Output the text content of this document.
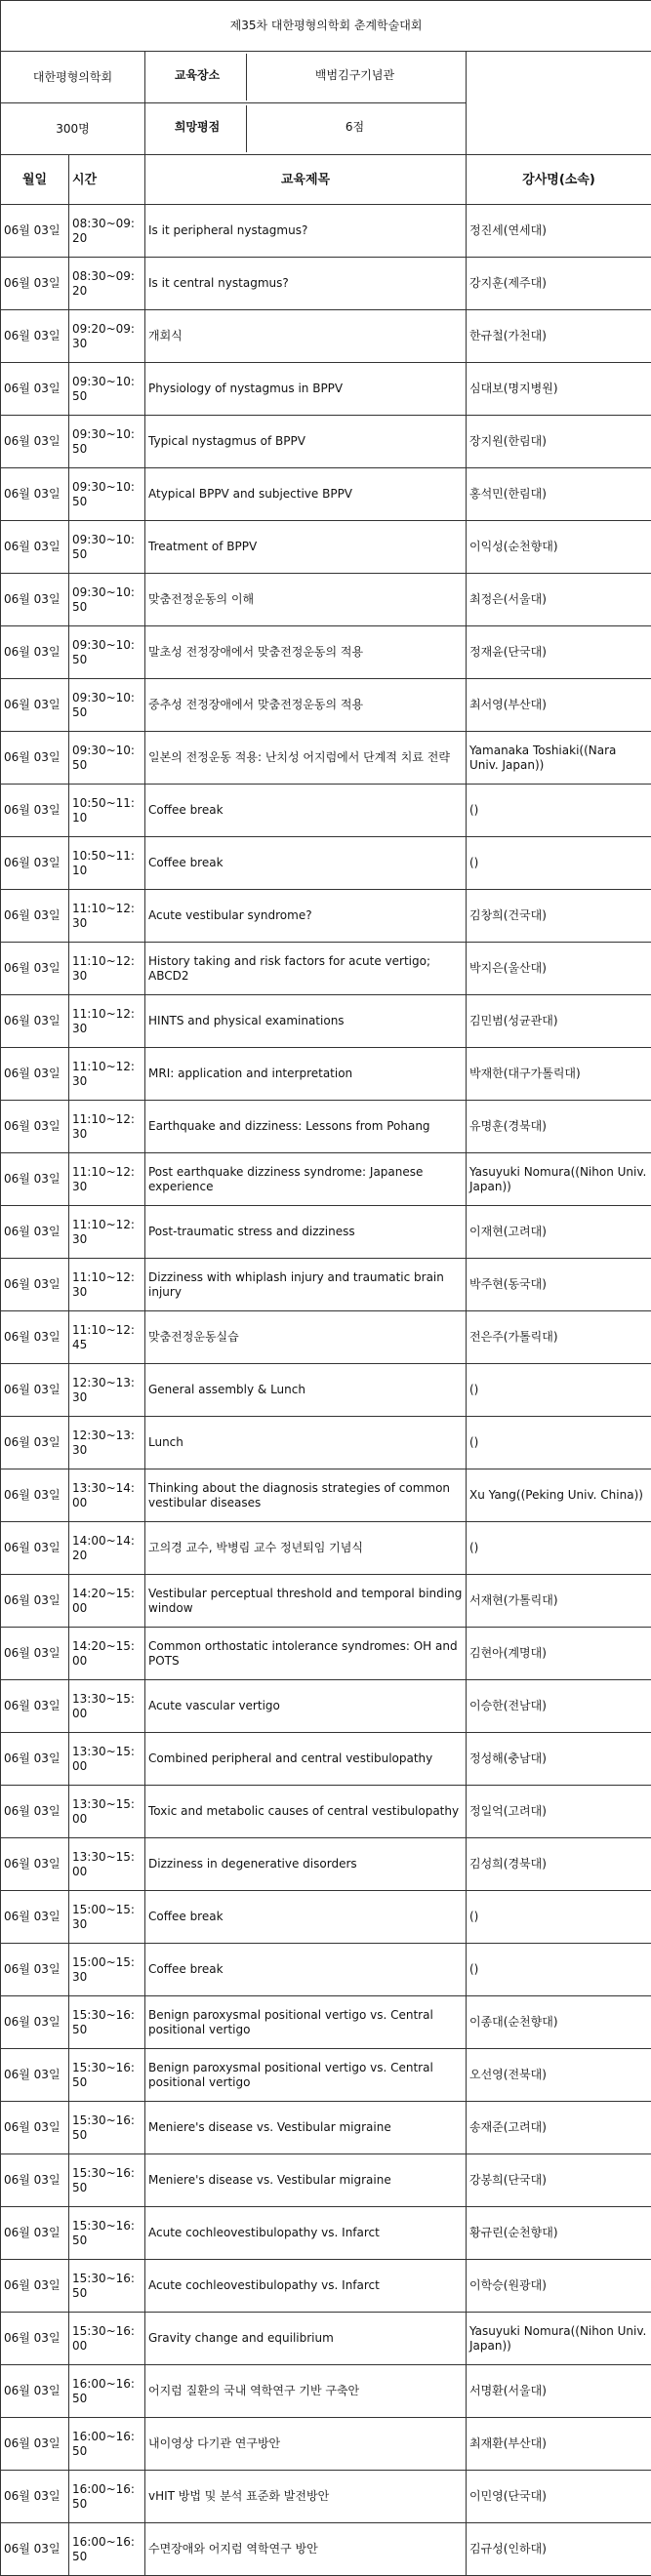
제35차 대한평형의학회 춘계학술대회			
대한평형의학회		교육장소 백범김구기념관	

300명		희망평점 6점	

월일	시간	교육제목	강사명(소속)
06월 03일	08:30~09:20	Is it peripheral nystagmus?	정진세(연세대)
06월 03일	08:30~09:20	Is it central nystagmus?	강지훈(제주대)
06월 03일	09:20~09:30	개회식	한규철(가천대)
06월 03일	09:30~10:50	Physiology of nystagmus in BPPV	심대보(명지병원)
06월 03일	09:30~10:50	Typical nystagmus of BPPV	장지원(한림대)
06월 03일	09:30~10:50	Atypical BPPV and subjective BPPV	홍석민(한림대)
06월 03일	09:30~10:50	Treatment of BPPV	이익성(순천향대)
06월 03일	09:30~10:50	맞춤전정운동의 이해	최정은(서울대)
06월 03일	09:30~10:50	말초성 전정장애에서 맞춤전정운동의 적용	정재윤(단국대)
06월 03일	09:30~10:50	중추성 전정장애에서 맞춤전정운동의 적용	최서영(부산대)
06월 03일	09:30~10:50	일본의 전정운동 적용: 난치성 어지럼에서 단계적 치료 전략	Yamanaka Toshiaki((Nara Univ. Japan))
06월 03일	10:50~11:10	Coffee break	()
06월 03일	10:50~11:10	Coffee break	()
06월 03일	11:10~12:30	Acute vestibular syndrome?	김창희(건국대)
06월 03일	11:10~12:30	History taking and risk factors for acute vertigo; ABCD2	박지은(울산대)
06월 03일	11:10~12:30	HINTS and physical examinations	김민범(성균관대)
06월 03일	11:10~12:30	MRI: application and interpretation	박재한(대구가톨릭대)
06월 03일	11:10~12:30	Earthquake and dizziness: Lessons from Pohang	유명훈(경북대)
06월 03일	11:10~12:30	Post earthquake dizziness syndrome: Japanese experience	Yasuyuki Nomura((Nihon Univ. Japan))
06월 03일	11:10~12:30	Post-traumatic stress and dizziness	이재현(고려대)
06월 03일	11:10~12:30	Dizziness with whiplash injury and traumatic brain injury	박주현(동국대)
06월 03일	11:10~12:45	맞춤전정운동실습	전은주(가톨릭대)
06월 03일	12:30~13:30	General assembly & Lunch	()
06월 03일	12:30~13:30	Lunch	()
06월 03일	13:30~14:00	Thinking about the diagnosis strategies of common vestibular diseases	Xu Yang((Peking Univ. China))
06월 03일	14:00~14:20	고의경 교수, 박병림 교수 정년퇴임 기념식	()
06월 03일	14:20~15:00	Vestibular perceptual threshold and temporal binding window	서재현(가톨릭대)
06월 03일	14:20~15:00	Common orthostatic intolerance syndromes: OH and POTS	김현아(계명대)
06월 03일	13:30~15:00	Acute vascular vertigo	이승한(전남대)
06월 03일	13:30~15:00	Combined peripheral and central vestibulopathy	정성해(충남대)
06월 03일	13:30~15:00	Toxic and metabolic causes of central vestibulopathy	정일억(고려대)
06월 03일	13:30~15:00	Dizziness in degenerative disorders	김성희(경북대)
06월 03일	15:00~15:30	Coffee break	()
06월 03일	15:00~15:30	Coffee break	()
06월 03일	15:30~16:50	Benign paroxysmal positional vertigo vs. Central positional vertigo	이종대(순천향대)
06월 03일	15:30~16:50	Benign paroxysmal positional vertigo vs. Central positional vertigo	오선영(전북대)
06월 03일	15:30~16:50	Meniere's disease vs. Vestibular migraine	송재준(고려대)
06월 03일	15:30~16:50	Meniere's disease vs. Vestibular migraine	강봉희(단국대)
06월 03일	15:30~16:50	Acute cochleovestibulopathy vs. Infarct	황규린(순천향대)
06월 03일	15:30~16:50	Acute cochleovestibulopathy vs. Infarct	이학승(원광대)
06월 03일	15:30~16:00	Gravity change and equilibrium	Yasuyuki Nomura((Nihon Univ. Japan))
06월 03일	16:00~16:50	어지럼 질환의 국내 역학연구 기반 구축안	서명환(서울대)
06월 03일	16:00~16:50	내이영상 다기관 연구방안	최재환(부산대)
06월 03일	16:00~16:50	vHIT 방법 및 분석 표준화 발전방안	이민영(단국대)
06월 03일	16:00~16:50	수면장애와 어지럼 역학연구 방안	김규성(인하대)
